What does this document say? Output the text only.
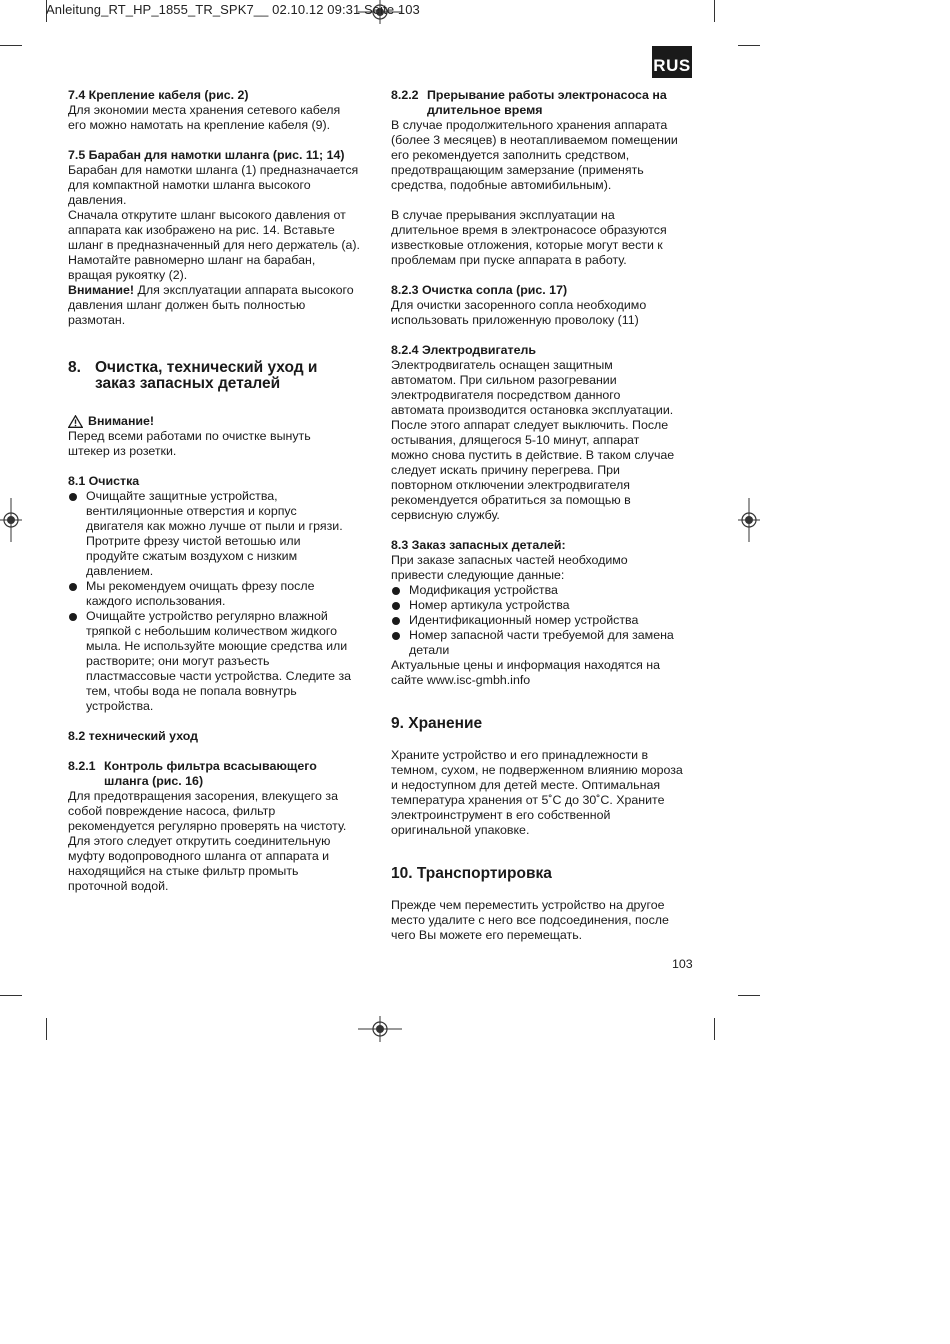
Anleitung_RT_HP_1855_TR_SPK7__ 02.10.12 09:31 Seite 103
RUS

7.4 Крепление кабеля (рис. 2)

Для экономии места хранения сетевого кабеля
его можно намотать на крепление кабеля (9).

7.5 Барабан для намотки шланга (рис. 11; 14)

Барабан для намотки шланга (1) предназначается
для компактной намотки шланга высокого
давления.
Сначала открутите шланг высокого давления от
аппарата как изображено на рис. 14. Вставьте
шланг в предназначенный для него держатель (а).
Намотайте равномерно шланг на барабан,
вращая рукоятку (2).

Внимание! Для эксплуатации аппарата высокого
давления шланг должен быть полностью
размотан.

8. Очистка, технический уход и
заказ запасных деталей
Внимание!

Перед всеми работами по очистке вынуть
штекер из розетки.

8.1 Очистка

Очищайте защитные устройства,
вентиляционные отверстия и корпус
двигателя как можно лучше от пыли и грязи.
Протрите фрезу чистой ветошью или
продуйте сжатым воздухом с низким
давлением.
Мы рекомендуем очищать фрезу после
каждого использования.
Очищайте устройство регулярно влажной
тряпкой с небольшим количеством жидкого
мыла. Не используйте моющие средства или
растворите; они могут разъесть
пластмассовые части устройства. Следите за
тем, чтобы вода не попала вовнутрь
устройства.

8.2 технический уход

8.2.1 Контроль фильтра всасывающего
шланга (рис. 16)

Для предотвращения засорения, влекущего за
собой повреждение насоса, фильтр
рекомендуется регулярно проверять на чистоту.
Для этого следует открутить соединительную
муфту водопроводного шланга от аппарата и
находящийся на стыке фильтр промыть
проточной водой.

8.2.2 Прерывание работы электронасоса на
длительное время

В случае продолжительного хранения аппарата
(более 3 месяцев) в неотапливаемом помещении
его рекомендуется заполнить средством,
предотвращающим замерзание (применять
средства, подобные автомибильным).

В случае прерывания эксплуатации на
длительное время в электронасосе образуются
известковые отложения, которые могут вести к
проблемам при пуске аппарата в работу.

8.2.3 Очистка сопла (рис. 17)

Для очистки засоренного сопла необходимо
использовать приложенную проволоку (11)

8.2.4 Электродвигатель

Электродвигатель оснащен защитным
автоматом. При сильном разогревании
электродвигателя посредством данного
автомата производится остановка эксплуатации.
После этого аппарат следует выключить. После
остывания, длящегося 5-10 минут, аппарат
можно снова пустить в действие. В таком случае
следует искать причину перегрева. При
повторном отключении электродвигателя
рекомендуется обратиться за помощью в
сервисную службу.

8.3 Заказ запасных деталей:

При заказе запасных частей необходимо
привести следующие данные:

Модификация устройства
Номер артикула устройства
Идентификационный номер устройства
Номер запасной части требуемой для замена
детали

Актуальные цены и информация находятся на
сайте www.isc-gmbh.info

9. Хранение

Храните устройство и его принадлежности в
темном, сухом, не подверженном влиянию мороза
и недоступном для детей месте. Оптимальная
температура хранения от 5˚С до 30˚С. Храните
электроинструмент в его собственной
оригинальной упаковке.

10. Транспортировка

Прежде чем переместить устройство на другое
место удалите с него все подсоединения, после
чего Вы можете его перемещать.

103
